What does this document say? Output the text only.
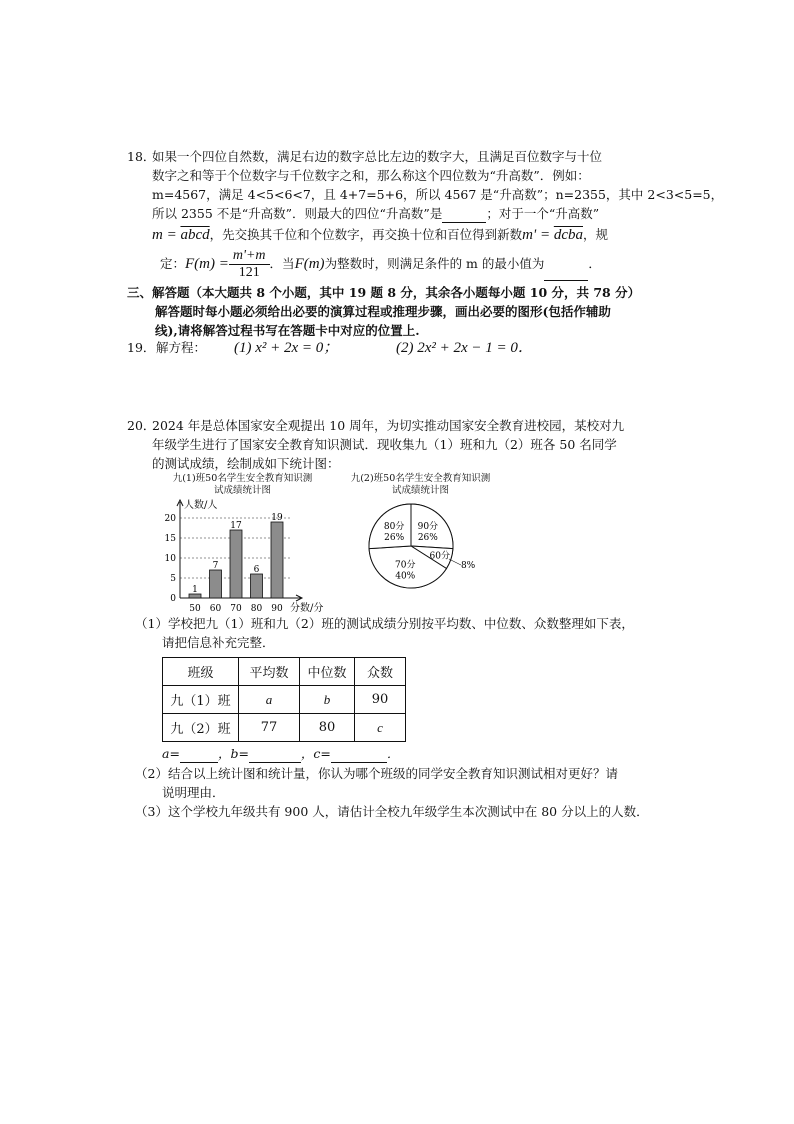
18．
如果一个四位自然数，满足右边的数字总比左边的数字大，且满足百位数字与十位
数字之和等于个位数字与千位数字之和，那么称这个四位数为“升高数”．例如：
m=4567，满足 4<5<6<7，且 4+7=5+6，所以 4567 是“升高数”；n=2355，其中 2<3<5=5，
所以 2355 不是“升高数”．则最大的四位“升高数”是	；对于一个“升高数”
m = abcd，先交换其千位和个位数字，再交换十位和百位得到新数m' = dcba，规
定：$F(m) = \frac{m'+m}{121}$ ．当F(m)为整数时，则满足条件的 m 的最小值为	．
三、解答题（本大题共 8 个小题，其中 19 题 8 分，其余各小题每小题 10 分，共 78 分）
解答题时每小题必须给出必要的演算过程或推理步骤，画出必要的图形(包括作辅助
线),请将解答过程书写在答题卡中对应的位置上.
19． 解方程： (1) x² + 2x = 0；	(2) 2x² + 2x − 1 = 0．
20．
2024 年是总体国家安全观提出 10 周年，为切实推动国家安全教育进校园，某校对九
年级学生进行了国家安全教育知识测试．现收集九（1）班和九（2）班各 50 名同学
的测试成绩，绘制成如下统计图：
九(1)班50名学生安全教育知识测
试成绩统计图
人数/人
分数/分
0
5
10
15
20
1
50
7
60
17
70
6
80
19
90
九(2)班50名学生安全教育知识测
试成绩统计图
90分
26%
60分
8%
70分
40%
80分
26%
（1）学校把九（1）班和九（2）班的测试成绩分别按平均数、中位数、众数整理如下表，
请把信息补充完整．
班级	平均数	中位数	众数
九（1）班	a	b	90
九（2）班	77	80	c
a=	，b=	，c=	．
（2）结合以上统计图和统计量，你认为哪个班级的同学安全教育知识测试相对更好？请
说明理由．
（3）这个学校九年级共有 900 人，请估计全校九年级学生本次测试中在 80 分以上的人数．
